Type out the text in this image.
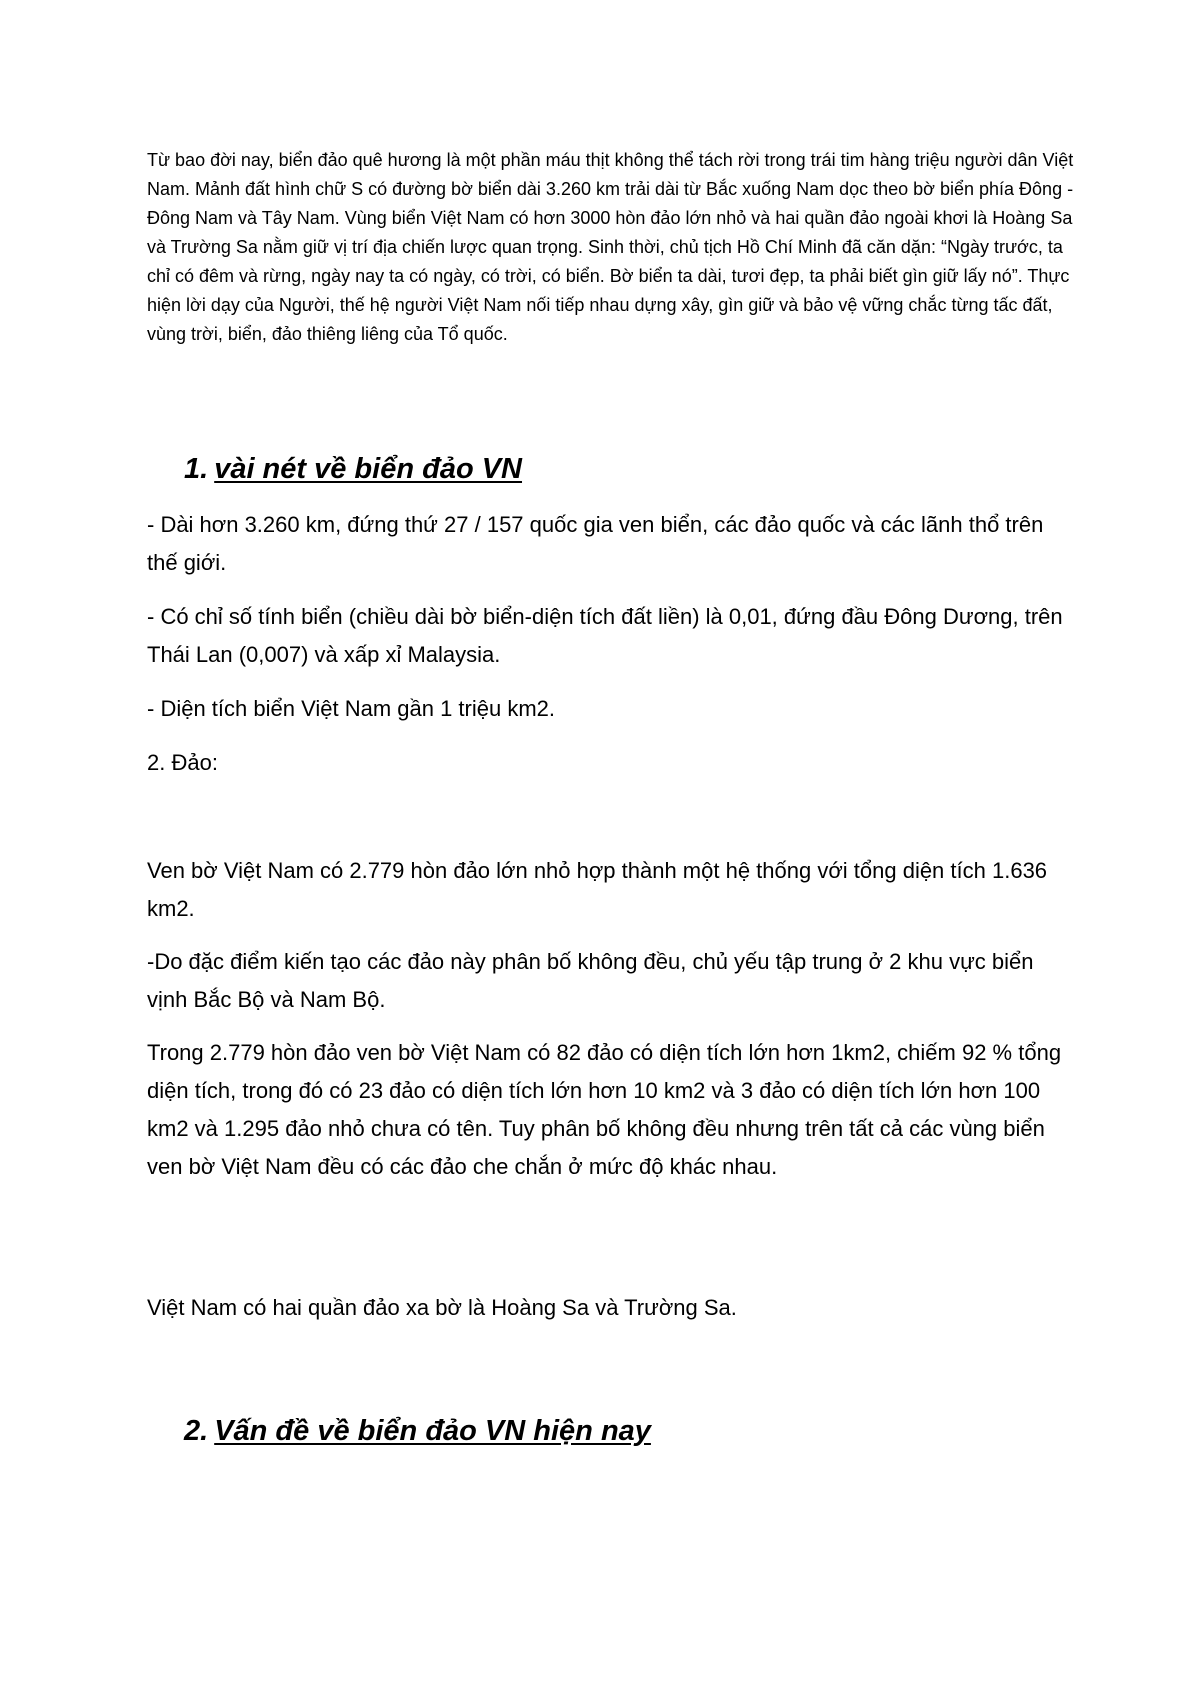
Từ bao đời nay, biển đảo quê hương là một phần máu thịt không thể tách rời trong trái tim hàng triệu người dân Việt Nam. Mảnh đất hình chữ S có đường bờ biển dài 3.260 km trải dài từ Bắc xuống Nam dọc theo bờ biển phía Đông - Đông Nam và Tây Nam. Vùng biển Việt Nam có hơn 3000 hòn đảo lớn nhỏ và hai quần đảo ngoài khơi là Hoàng Sa và Trường Sa nằm giữ vị trí địa chiến lược quan trọng. Sinh thời, chủ tịch Hồ Chí Minh đã căn dặn: “Ngày trước, ta chỉ có đêm và rừng, ngày nay ta có ngày, có trời, có biển. Bờ biển ta dài, tươi đẹp, ta phải biết gìn giữ lấy nó”. Thực hiện lời dạy của Người, thế hệ người Việt Nam nối tiếp nhau dựng xây, gìn giữ và bảo vệ vững chắc từng tấc đất, vùng trời, biển, đảo thiêng liêng của Tổ quốc.

1. vài nét về biển đảo VN

- Dài hơn 3.260 km, đứng thứ 27 / 157 quốc gia ven biển, các đảo quốc và các lãnh thổ trên thế giới.

- Có chỉ số tính biển (chiều dài bờ biển-diện tích đất liền) là 0,01, đứng đầu Đông Dương, trên Thái Lan (0,007) và xấp xỉ Malaysia.

- Diện tích biển Việt Nam gần 1 triệu km2.

2. Đảo:

Ven bờ Việt Nam có 2.779 hòn đảo lớn nhỏ hợp thành một hệ thống với tổng diện tích 1.636 km2.

-Do đặc điểm kiến tạo các đảo này phân bố không đều, chủ yếu tập trung ở 2 khu vực biển vịnh Bắc Bộ và Nam Bộ.

Trong 2.779 hòn đảo ven bờ Việt Nam có 82 đảo có diện tích lớn hơn 1km2, chiếm 92 % tổng diện tích, trong đó có 23 đảo có diện tích lớn hơn 10 km2 và 3 đảo có diện tích lớn hơn 100 km2 và 1.295 đảo nhỏ chưa có tên. Tuy phân bố không đều nhưng trên tất cả các vùng biển ven bờ Việt Nam đều có các đảo che chắn ở mức độ khác nhau.

Việt Nam có hai quần đảo xa bờ là Hoàng Sa và Trường Sa.

2. Vấn đề về biển đảo VN hiện nay
